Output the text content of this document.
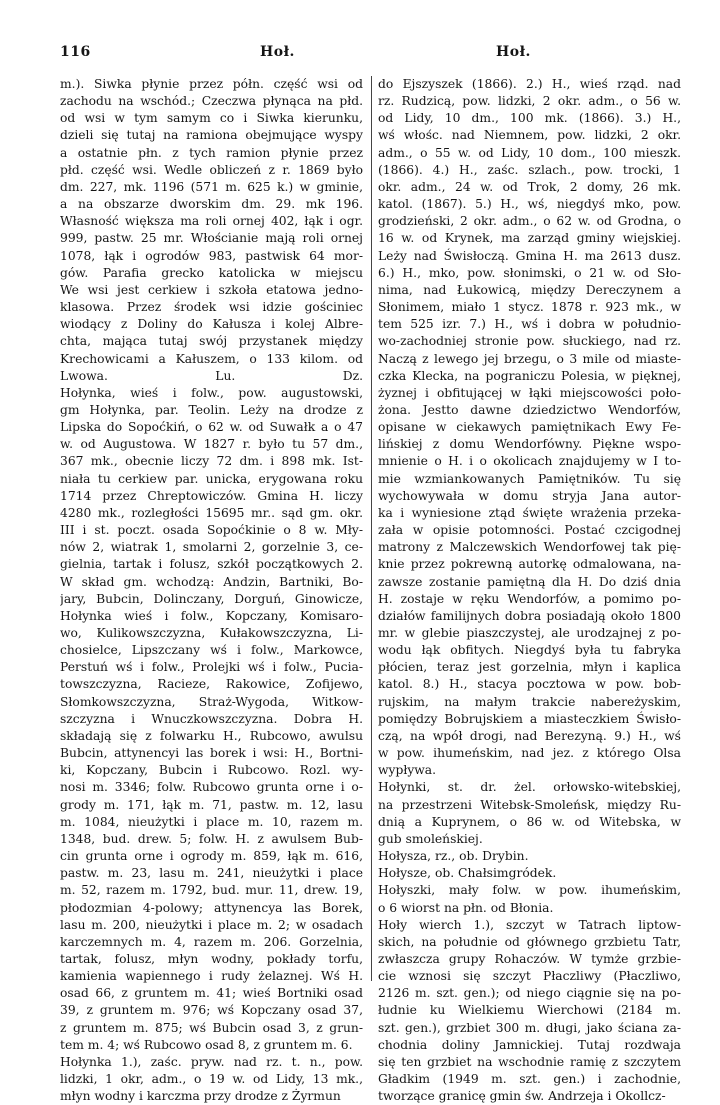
116	Hoł.	Hoł.
m.). Siwka płynie przez półn. część wsi od
zachodu na wschód.; Czeczwa płynąca na płd.
od wsi w tym samym co i Siwka kierunku,
dzieli się tutaj na ramiona obejmujące wyspy
a ostatnie płn. z tych ramion płynie przez
płd. część wsi. Wedle obliczeń z r. 1869 było
dm. 227, mk. 1196 (571 m. 625 k.) w gminie,
a na obszarze dworskim dm. 29. mk 196.
Własność większa ma roli ornej 402, łąk i ogr.
999, pastw. 25 mr. Włościanie mają roli ornej
1078, łąk i ogrodów 983, pastwisk 64 mor-
gów. Parafia grecko katolicka w miejscu
We wsi jest cerkiew i szkoła etatowa jedno-
klasowa. Przez środek wsi idzie gościniec
wiodący z Doliny do Kałusza i kolej Albre-
chta, mająca tutaj swój przystanek między
Krechowicami a Kałuszem, o 133 kilom. od
Lwowa. Lu. Dz.
Hołynka, wieś i folw., pow. augustowski,
gm Hołynka, par. Teolin. Leży na drodze z
Lipska do Sopoćkiń, o 62 w. od Suwałk a o 47
w. od Augustowa. W 1827 r. było tu 57 dm.,
367 mk., obecnie liczy 72 dm. i 898 mk. Ist-
niała tu cerkiew par. unicka, erygowana roku
1714 przez Chreptowiczów. Gmina H. liczy
4280 mk., rozległości 15695 mr.. sąd gm. okr.
III i st. poczt. osada Sopoćkinie o 8 w. Mły-
nów 2, wiatrak 1, smolarni 2, gorzelnie 3, ce-
gielnia, tartak i folusz, szkół początkowych 2.
W skład gm. wchodzą: Andzin, Bartniki, Bo-
jary, Bubcin, Dolinczany, Dorguń, Ginowicze,
Hołynka wieś i folw., Kopczany, Komisaro-
wo, Kulikowszczyzna, Kułakowszczyzna, Li-
chosielce, Lipszczany wś i folw., Markowce,
Perstuń wś i folw., Prolejki wś i folw., Pucia-
towszczyzna, Racieze, Rakowice, Zofijewo,
Słomkowszczyzna, Straż-Wygoda, Witkow-
szczyzna i Wnuczkowszczyzna. Dobra H.
składają się z folwarku H., Rubcowo, awulsu
Bubcin, attynencyi las borek i wsi: H., Bortni-
ki, Kopczany, Bubcin i Rubcowo. Rozl. wy-
nosi m. 3346; folw. Rubcowo grunta orne i o-
grody m. 171, łąk m. 71, pastw. m. 12, lasu
m. 1084, nieużytki i place m. 10, razem m.
1348, bud. drew. 5; folw. H. z awulsem Bub-
cin grunta orne i ogrody m. 859, łąk m. 616,
pastw. m. 23, lasu m. 241, nieużytki i place
m. 52, razem m. 1792, bud. mur. 11, drew. 19,
płodozmian 4-polowy; attynencya las Borek,
lasu m. 200, nieużytki i place m. 2; w osadach
karczemnych m. 4, razem m. 206. Gorzelnia,
tartak, folusz, młyn wodny, pokłady torfu,
kamienia wapiennego i rudy żelaznej. Wś H.
osad 66, z gruntem m. 41; wieś Bortniki osad
39, z gruntem m. 976; wś Kopczany osad 37,
z gruntem m. 875; wś Bubcin osad 3, z grun-
tem m. 4; wś Rubcowo osad 8, z gruntem m. 6.
Hołynka 1.), zaśc. pryw. nad rz. t. n., pow.
lidzki, 1 okr, adm., o 19 w. od Lidy, 13 mk.,
młyn wodny i karczma przy drodze z Żyrmun
do Ejszyszek (1866). 2.) H., wieś rząd. nad
rz. Rudzicą, pow. lidzki, 2 okr. adm., o 56 w.
od Lidy, 10 dm., 100 mk. (1866). 3.) H.,
wś włośc. nad Niemnem, pow. lidzki, 2 okr.
adm., o 55 w. od Lidy, 10 dom., 100 mieszk.
(1866). 4.) H., zaśc. szlach., pow. trocki, 1
okr. adm., 24 w. od Trok, 2 domy, 26 mk.
katol. (1867). 5.) H., wś, niegdyś mko, pow.
grodzieński, 2 okr. adm., o 62 w. od Grodna, o
16 w. od Krynek, ma zarząd gminy wiejskiej.
Leży nad Świsłoczą. Gmina H. ma 2613 dusz.
6.) H., mko, pow. słonimski, o 21 w. od Sło-
nima, nad Łukowicą, między Dereczynem a
Słonimem, miało 1 stycz. 1878 r. 923 mk., w
tem 525 izr. 7.) H., wś i dobra w południo-
wo-zachodniej stronie pow. słuckiego, nad rz.
Naczą z lewego jej brzegu, o 3 mile od miaste-
czka Klecka, na pograniczu Polesia, w pięknej,
żyznej i obfitującej w łąki miejscowości poło-
żona. Jestto dawne dziedzictwo Wendorfów,
opisane w ciekawych pamiętnikach Ewy Fe-
lińskiej z domu Wendorfówny. Piękne wspo-
mnienie o H. i o okolicach znajdujemy w I to-
mie wzmiankowanych Pamiętników. Tu się
wychowywała w domu stryja Jana autor-
ka i wyniesione ztąd święte wrażenia przeka-
zała w opisie potomności. Postać czcigodnej
matrony z Malczewskich Wendorfowej tak pię-
knie przez pokrewną autorkę odmalowana, na-
zawsze zostanie pamiętną dla H. Do dziś dnia
H. zostaje w ręku Wendorfów, a pomimo po-
działów familijnych dobra posiadają około 1800
mr. w glebie piaszczystej, ale urodzajnej z po-
wodu łąk obfitych. Niegdyś była tu fabryka
płócien, teraz jest gorzelnia, młyn i kaplica
katol. 8.) H., stacya pocztowa w pow. bob-
rujskim, na małym trakcie nabereżyskim,
pomiędzy Bobrujskiem a miasteczkiem Świsło-
czą, na wpół drogi, nad Berezyną. 9.) H., wś
w pow. ihumeńskim, nad jez. z którego Olsa
wypływa.
Hołynki, st. dr. żel. orłowsko-witebskiej,
na przestrzeni Witebsk-Smoleńsk, między Ru-
dnią a Kuprynem, o 86 w. od Witebska, w
gub smoleńskiej.
Hołysza, rz., ob. Drybin.
Hołysze, ob. Chałsimgródek.
Hołyszki, mały folw. w pow. ihumeńskim,
o 6 wiorst na płn. od Błonia.
Hoły wierch 1.), szczyt w Tatrach liptow-
skich, na południe od głównego grzbietu Tatr,
zwłaszcza grupy Rohaczów. W tymże grzbie-
cie wznosi się szczyt Płaczliwy (Płaczliwo,
2126 m. szt. gen.); od niego ciągnie się na po-
łudnie ku Wielkiemu Wierchowi (2184 m.
szt. gen.), grzbiet 300 m. długi, jako ściana za-
chodnia doliny Jamnickiej. Tutaj rozdwaja
się ten grzbiet na wschodnie ramię z szczytem
Gładkim (1949 m. szt. gen.) i zachodnie,
tworzące granicę gmin św. Andrzeja i Okollcz-
